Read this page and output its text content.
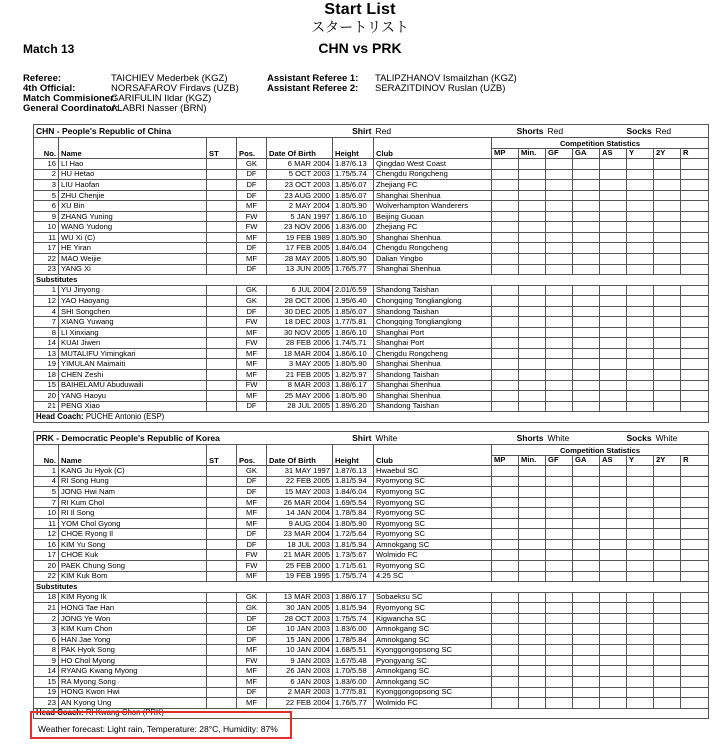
Start List
スタートリスト
Match 13	CHN vs PRK
Referee:	TAICHIEV Mederbek (KGZ)
4th Official:	NORSAFAROV Firdavs (UZB)
Match Commisioner:GARIFULIN Ildar (KGZ)
General Coordinator:ALABRI Nasser (BRN)
Assistant Referee 1: TALIPZHANOV Ismailzhan (KGZ)
Assistant Referee 2: SERAZITDINOV Ruslan (UZB)
CHN - People's Republic of China					Shirt	Red	Shorts		Red		Socks		Red	
No.	Name	ST	Pos.	Date Of Birth	Height	Club	Competition Statistics							
							MP	Min.	GF	GA	AS	Y	2Y	R
16	LI Hao		GK	6 MAR 2004	1.87/6.13	Qingdao West Coast								
2	HU Hetao		DF	5 OCT 2003	1.75/5.74	Chengdu Rongcheng								
3	LIU Haofan		DF	23 OCT 2003	1.85/6.07	Zhejiang FC								
5	ZHU Chenjie		DF	23 AUG 2000	1.85/6.07	Shanghai Shenhua								
6	XU Bin		MF	2 MAY 2004	1.80/5.90	Wolverhampton Wanderers								
9	ZHANG Yuning		FW	5 JAN 1997	1.86/6.10	Beijing Guoan								
10	WANG Yudong		FW	23 NOV 2006	1.83/6.00	Zhejiang FC								
11	WU Xi (C)		MF	19 FEB 1989	1.80/5.90	Shanghai Shenhua								
17	HE Yiran		DF	17 FEB 2005	1.84/6.04	Chengdu Rongcheng								
22	MAO Weijie		MF	28 MAY 2005	1.80/5.90	Dalian Yingbo								
23	YANG Xi		DF	13 JUN 2005	1.76/5.77	Shanghai Shenhua								
Substitutes														
1	YU Jinyong		GK	6 JUL 2004	2.01/6.59	Shandong Taishan								
12	YAO Haoyang		GK	28 OCT 2006	1.95/6.40	Chongqing Tonglianglong								
4	SHI Songchen		DF	30 DEC 2005	1.85/6.07	Shandong Taishan								
7	XIANG Yuwang		FW	18 DEC 2003	1.77/5.81	Chongqing Tonglianglong								
8	LI Xinxiang		MF	30 NOV 2005	1.86/6.10	Shanghai Port								
14	KUAI Jiwen		FW	28 FEB 2006	1.74/5.71	Shanghai Port								
13	MUTALIFU Yimingkari		MF	18 MAR 2004	1.86/6.10	Chengdu Rongcheng								
19	YIMULAN Maimaiti		MF	3 MAY 2005	1.80/5.90	Shanghai Shenhua								
18	CHEN Zeshi		MF	21 FEB 2005	1.82/5.97	Shandong Taishan								
15	BAIHELAMU Abuduwaili		FW	8 MAR 2003	1.88/6.17	Shanghai Shenhua								
20	YANG Haoyu		MF	25 MAY 2006	1.80/5.90	Shanghai Shenhua								
21	PENG Xiao		DF	28 JUL 2005	1.89/6.20	Shandong Taishan								
Head Coach: PUCHE Antonio (ESP)														
PRK - Democratic People's Republic of Korea					Shirt	White	Shorts		White		Socks		White	
No.	Name	ST	Pos.	Date Of Birth	Height	Club	Competition Statistics							
							MP	Min.	GF	GA	AS	Y	2Y	R
1	KANG Ju Hyok (C)		GK	31 MAY 1997	1.87/6.13	Hwaebul SC								
4	RI Song Hung		DF	22 FEB 2005	1.81/5.94	Ryomyong SC								
5	JONG Hwi Nam		DF	15 MAY 2003	1.84/6.04	Ryomyong SC								
7	RI Kum Chol		MF	26 MAR 2004	1.69/5.54	Ryomyong SC								
10	RI Il Song		MF	14 JAN 2004	1.78/5.84	Ryomyong SC								
11	YOM Chol Gyong		MF	9 AUG 2004	1.80/5.90	Ryomyong SC								
12	CHOE Ryong Il		DF	23 MAR 2004	1.72/5.64	Ryomyong SC								
16	KIM Yu Song		DF	18 JUL 2003	1.81/5.94	Amnokgang SC								
17	CHOE Kuk		FW	21 MAR 2005	1.73/5.67	Wolmido FC								
20	PAEK Chung Song		FW	25 FEB 2000	1.71/5.61	Ryomyong SC								
22	KIM Kuk Bom		MF	19 FEB 1995	1.75/5.74	4.25 SC								
Substitutes														
18	KIM Ryong Ik		GK	13 MAR 2003	1.88/6.17	Sobaeksu SC								
21	HONG Tae Han		GK	30 JAN 2005	1.81/5.94	Ryomyong SC								
2	JONG Ye Won		DF	28 OCT 2003	1.75/5.74	Kigwancha SC								
3	KIM Kum Chon		DF	10 JAN 2003	1.83/6.00	Amnokgang SC								
6	HAN Jae Yong		DF	15 JAN 2006	1.78/5.84	Amnokgang SC								
8	PAK Hyok Song		MF	10 JAN 2004	1.68/5.51	Kyonggongopsong SC								
9	HO Chol Myong		FW	9 JAN 2003	1.67/5.48	Pyongyang SC								
14	RYANG Kwang Myong		MF	26 JAN 2003	1.70/5.58	Amnokgang SC								
15	RA Myong Song		MF	6 JAN 2003	1.83/6.00	Amnokgang SC								
19	HONG Kwon Hwi		DF	2 MAR 2003	1.77/5.81	Kyonggongopsong SC								
23	AN Kyong Ung		MF	22 FEB 2004	1.76/5.77	Wolmido FC								
Head Coach: RI Kwang Chon (PRK)														
Weather forecast: Light rain, Temperature: 28°C, Humidity: 87%
